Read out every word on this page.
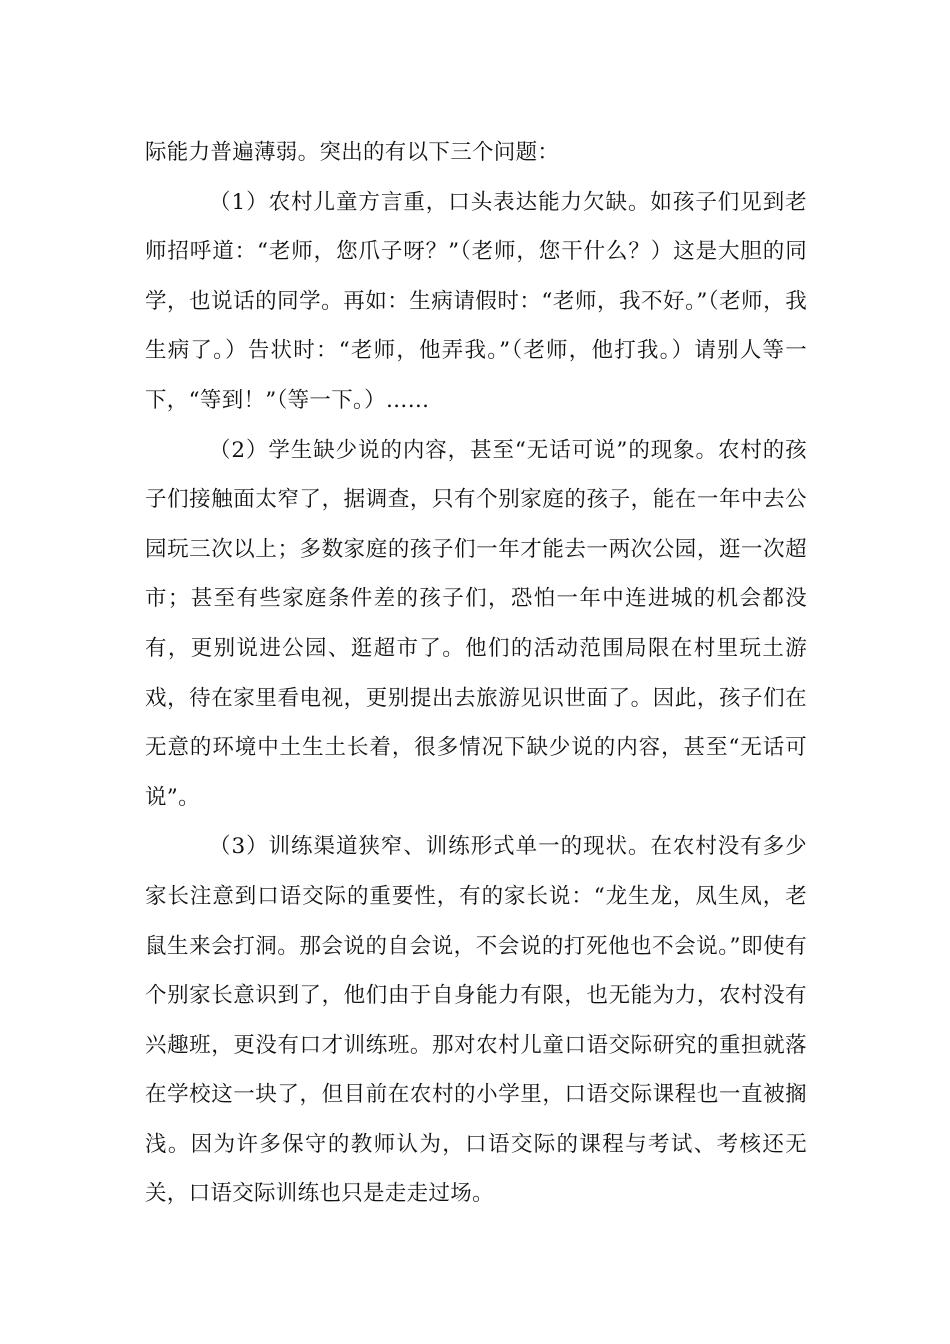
际能力普遍薄弱。突出的有以下三个问题：

（1）农村儿童方言重，口头表达能力欠缺。如孩子们见到老师招呼道：“老师，您爪子呀？”（老师，您干什么？）这是大胆的同学，也说话的同学。再如：生病请假时：“老师，我不好。”（老师，我生病了。）告状时：“老师，他弄我。”（老师，他打我。）请别人等一下，“等到！”（等一下。）……

（2）学生缺少说的内容，甚至“无话可说”的现象。农村的孩子们接触面太窄了，据调查，只有个别家庭的孩子，能在一年中去公园玩三次以上；多数家庭的孩子们一年才能去一两次公园，逛一次超市；甚至有些家庭条件差的孩子们，恐怕一年中连进城的机会都没有，更别说进公园、逛超市了。他们的活动范围局限在村里玩土游戏，待在家里看电视，更别提出去旅游见识世面了。因此，孩子们在无意的环境中土生土长着，很多情况下缺少说的内容，甚至“无话可说”。

（3）训练渠道狭窄、训练形式单一的现状。在农村没有多少家长注意到口语交际的重要性，有的家长说：“龙生龙，凤生凤，老鼠生来会打洞。那会说的自会说，不会说的打死他也不会说。”即使有个别家长意识到了，他们由于自身能力有限，也无能为力，农村没有兴趣班，更没有口才训练班。那对农村儿童口语交际研究的重担就落在学校这一块了，但目前在农村的小学里，口语交际课程也一直被搁浅。因为许多保守的教师认为，口语交际的课程与考试、考核还无关，口语交际训练也只是走走过场。
